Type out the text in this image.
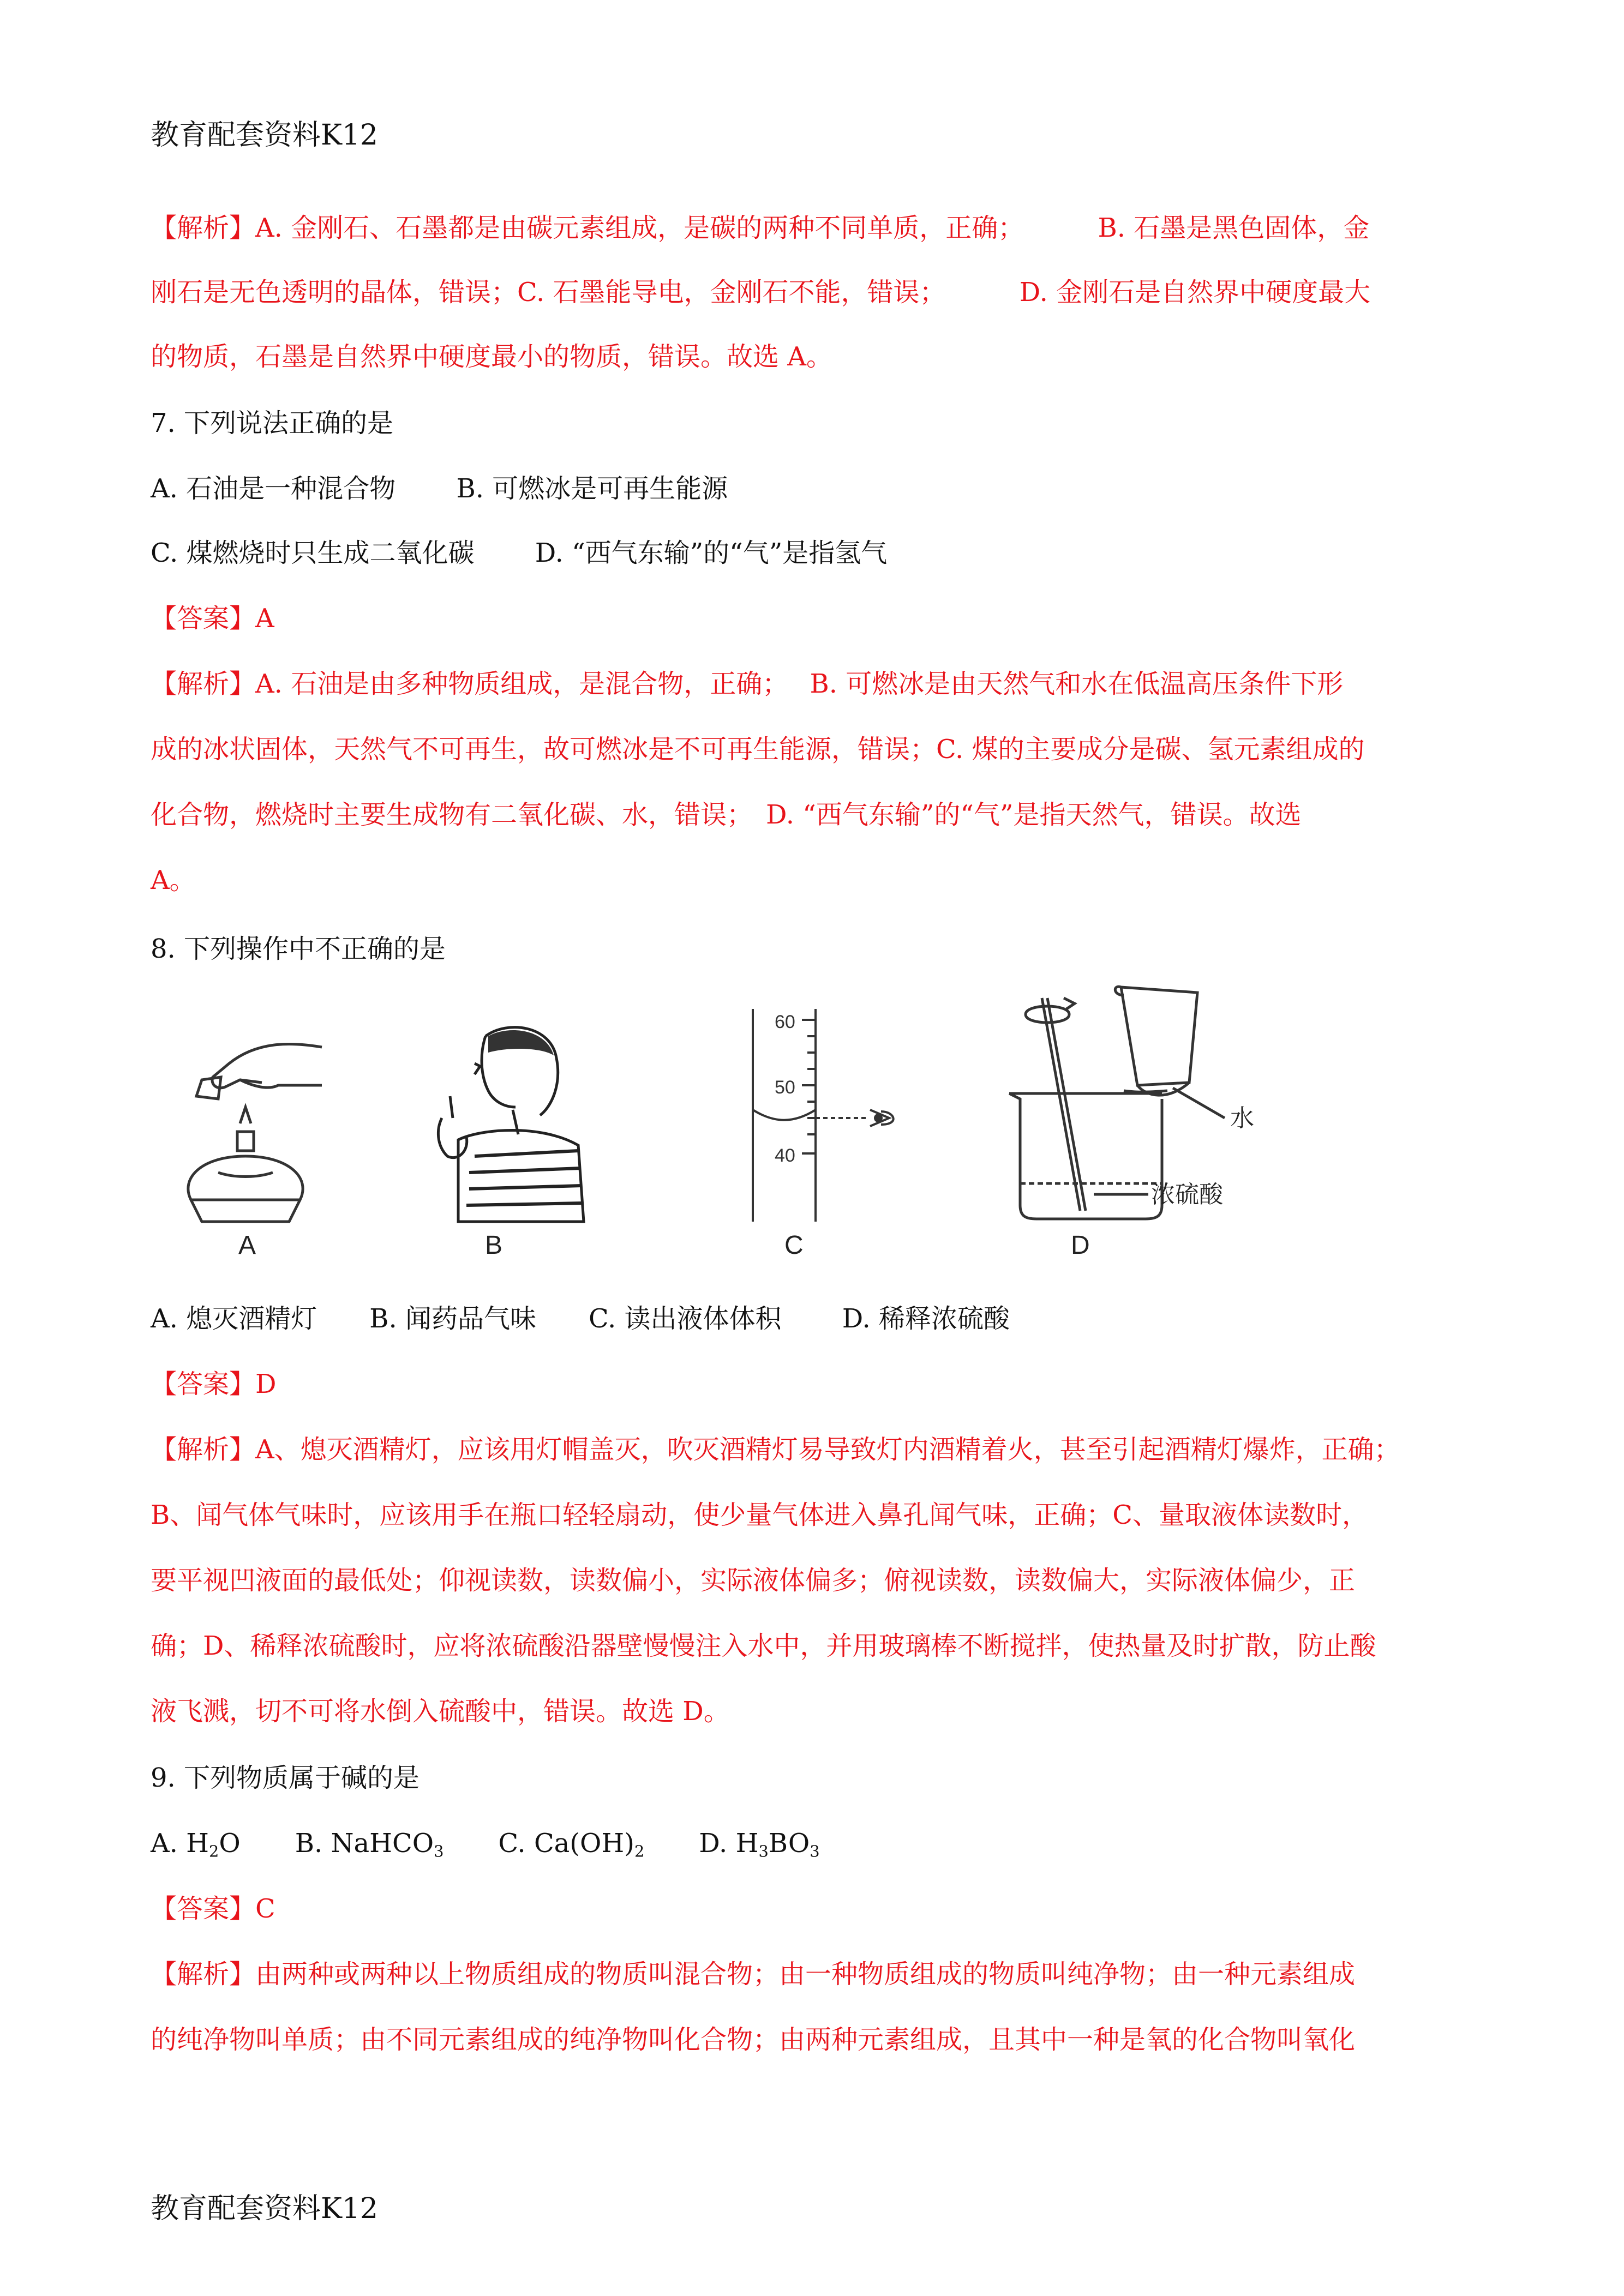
教育配套资料K12
【解析】A. 金刚石、石墨都是由碳元素组成，是碳的两种不同单质，正确；　　　 B. 石墨是黑色固体，金
刚石是无色透明的晶体，错误；C. 石墨能导电，金刚石不能，错误；　　　 D. 金刚石是自然界中硬度最大
的物质，石墨是自然界中硬度最小的物质，错误。故选 A。
7. 下列说法正确的是
A. 石油是一种混合物　　 B. 可燃冰是可再生能源
C. 煤燃烧时只生成二氧化碳　　 D. “西气东输”的“气”是指氢气
【答案】A
【解析】A. 石油是由多种物质组成，是混合物，正确；　 B. 可燃冰是由天然气和水在低温高压条件下形
成的冰状固体，天然气不可再生，故可燃冰是不可再生能源，错误；C. 煤的主要成分是碳、氢元素组成的
化合物，燃烧时主要生成物有二氧化碳、水，错误；　D. “西气东输”的“气”是指天然气，错误。故选
A。
8. 下列操作中不正确的是
A	B
60
50
40
C
水
浓硫酸
D
A. 熄灭酒精灯　　B. 闻药品气味　　C. 读出液体体积　　 D. 稀释浓硫酸
【答案】D
【解析】A、熄灭酒精灯，应该用灯帽盖灭，吹灭酒精灯易导致灯内酒精着火，甚至引起酒精灯爆炸，正确；
B、闻气体气味时，应该用手在瓶口轻轻扇动，使少量气体进入鼻孔闻气味，正确；C、量取液体读数时，
要平视凹液面的最低处；仰视读数，读数偏小，实际液体偏多；俯视读数，读数偏大，实际液体偏少，正
确；D、稀释浓硫酸时，应将浓硫酸沿器壁慢慢注入水中，并用玻璃棒不断搅拌，使热量及时扩散，防止酸
液飞溅，切不可将水倒入硫酸中，错误。故选 D。
9. 下列物质属于碱的是
A. $H_2O$ B. NaHCO$_3$ C. $Ca(OH)_2$ D. $H_3BO_3$
【答案】C
【解析】由两种或两种以上物质组成的物质叫混合物；由一种物质组成的物质叫纯净物；由一种元素组成
的纯净物叫单质；由不同元素组成的纯净物叫化合物；由两种元素组成，且其中一种是氧的化合物叫氧化
教育配套资料K12
